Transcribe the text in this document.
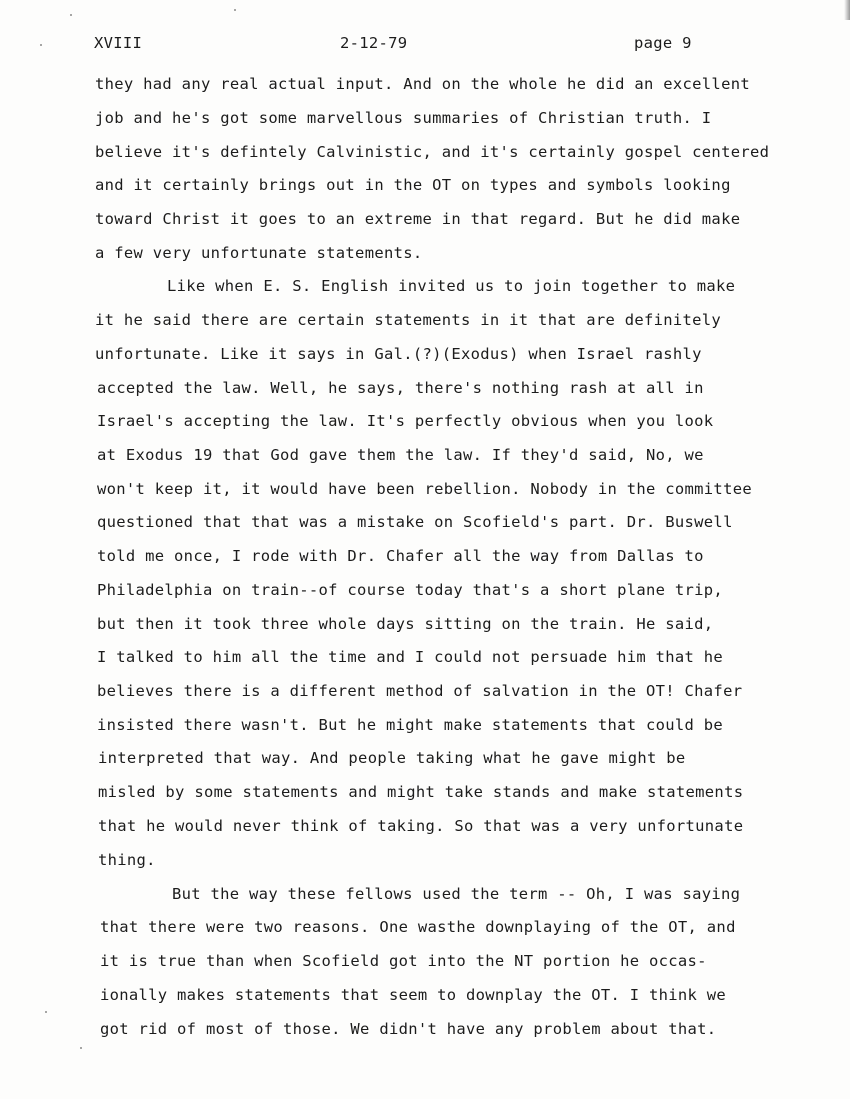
XVIII	2-12-79	page 9
they had any real actual input. And on the whole he did an excellent
job and he's got some marvellous summaries of Christian truth. I
believe it's defintely Calvinistic, and it's certainly gospel centered
and it certainly brings out in the OT on types and symbols looking
toward Christ it goes to an extreme in that regard. But he did make
a few very unfortunate statements.
Like when E. S. English invited us to join together to make
it he said there are certain statements in it that are definitely
unfortunate. Like it says in Gal.(?)(Exodus) when Israel rashly
accepted the law. Well, he says, there's nothing rash at all in
Israel's accepting the law. It's perfectly obvious when you look
at Exodus 19 that God gave them the law. If they'd said, No, we
won't keep it, it would have been rebellion. Nobody in the committee
questioned that that was a mistake on Scofield's part. Dr. Buswell
told me once, I rode with Dr. Chafer all the way from Dallas to
Philadelphia on train--of course today that's a short plane trip,
but then it took three whole days sitting on the train. He said,
I talked to him all the time and I could not persuade him that he
believes there is a different method of salvation in the OT! Chafer
insisted there wasn't. But he might make statements that could be
interpreted that way. And people taking what he gave might be
misled by some statements and might take stands and make statements
that he would never think of taking. So that was a very unfortunate
thing.
But the way these fellows used the term -- Oh, I was saying
that there were two reasons. One wasthe downplaying of the OT, and
it is true than when Scofield got into the NT portion he occas-
ionally makes statements that seem to downplay the OT. I think we
got rid of most of those. We didn't have any problem about that.
